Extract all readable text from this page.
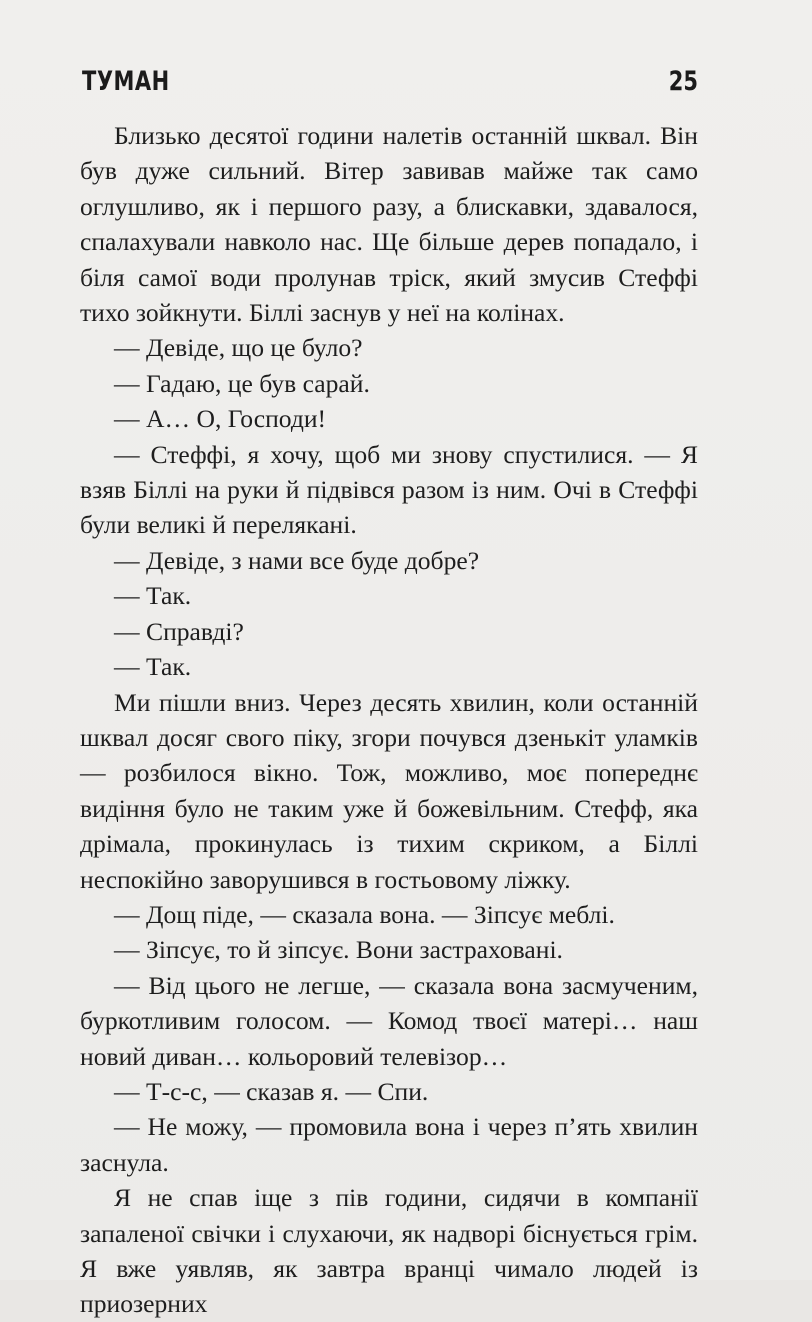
ТУМАН	25

Близько десятої години налетів останній шквал. Він був дуже сильний. Вітер завивав майже так само оглушливо, як і першого разу, а блискавки, здавалося, спалахували навколо нас. Ще більше дерев попадало, і біля самої води пролунав тріск, який змусив Стеффі тихо зойкнути. Біллі заснув у неї на колінах.

— Девіде, що це було?

— Гадаю, це був сарай.

— А… О, Господи!

— Стеффі, я хочу, щоб ми знову спустилися. — Я взяв Біллі на руки й підвівся разом із ним. Очі в Стеффі були великі й перелякані.

— Девіде, з нами все буде добре?

— Так.

— Справді?

— Так.

Ми пішли вниз. Через десять хвилин, коли останній шквал досяг свого піку, згори почувся дзенькіт уламків — розбилося вікно. Тож, можливо, моє попереднє видіння було не таким уже й божевільним. Стефф, яка дрімала, прокинулась із тихим скриком, а Біллі неспокійно заворушився в гостьовому ліжку.

— Дощ піде, — сказала вона. — Зіпсує меблі.

— Зіпсує, то й зіпсує. Вони застраховані.

— Від цього не легше, — сказала вона засмученим, буркотливим голосом. — Комод твоєї матері… наш новий диван… кольоровий телевізор…

— Т-с-с, — сказав я. — Спи.

— Не можу, — промовила вона і через п’ять хвилин заснула.

Я не спав іще з пів години, сидячи в компанії запаленої свічки і слухаючи, як надворі біснується грім. Я вже уявляв, як завтра вранці чимало людей із приозерних
